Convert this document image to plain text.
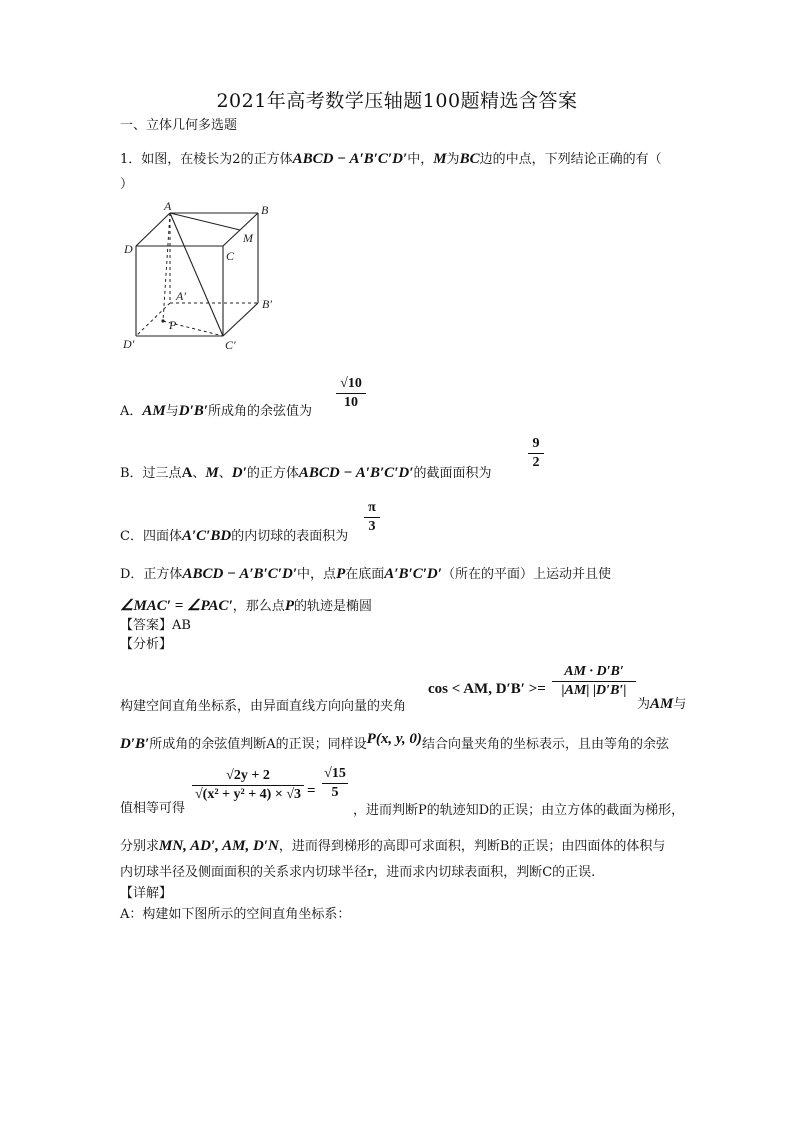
2021年高考数学压轴题100题精选含答案
一、立体几何多选题
1．如图，在棱长为2的正方体ABCD − A′B′C′D′中，M为BC边的中点，下列结论正确的有（
）
A	B
M
D	C
A′
B′
P
D′	C′
A．AM与D′B′所成角的余弦值为
√10
10
B．过三点A、M、D′的正方体ABCD − A′B′C′D′的截面面积为
9
2
C．四面体A′C′BD的内切球的表面积为
π
3
D．正方体ABCD − A′B′C′D′中，点P在底面A′B′C′D′（所在的平面）上运动并且使
∠MAC′ = ∠PAC′，那么点P的轨迹是椭圆
【答案】AB
【分析】
cos < AM, D′B′ >=
AM · D′B′
|AM| |D′B′|
构建空间直角坐标系，由异面直线方向向量的夹角	为AM与
D′B′所成角的余弦值判断A的正误；同样设P(x, y, 0)结合向量夹角的坐标表示，且由等角的余弦
√2y + 2
√(x² + y² + 4) × √3 =
√15
5
值相等可得	，进而判断P的轨迹知D的正误；由立方体的截面为梯形，
分别求MN, AD′, AM, D′N，进而得到梯形的高即可求面积，判断B的正误；由四面体的体积与
内切球半径及侧面面积的关系求内切球半径r，进而求内切球表面积，判断C的正误.
【详解】
A：构建如下图所示的空间直角坐标系：
